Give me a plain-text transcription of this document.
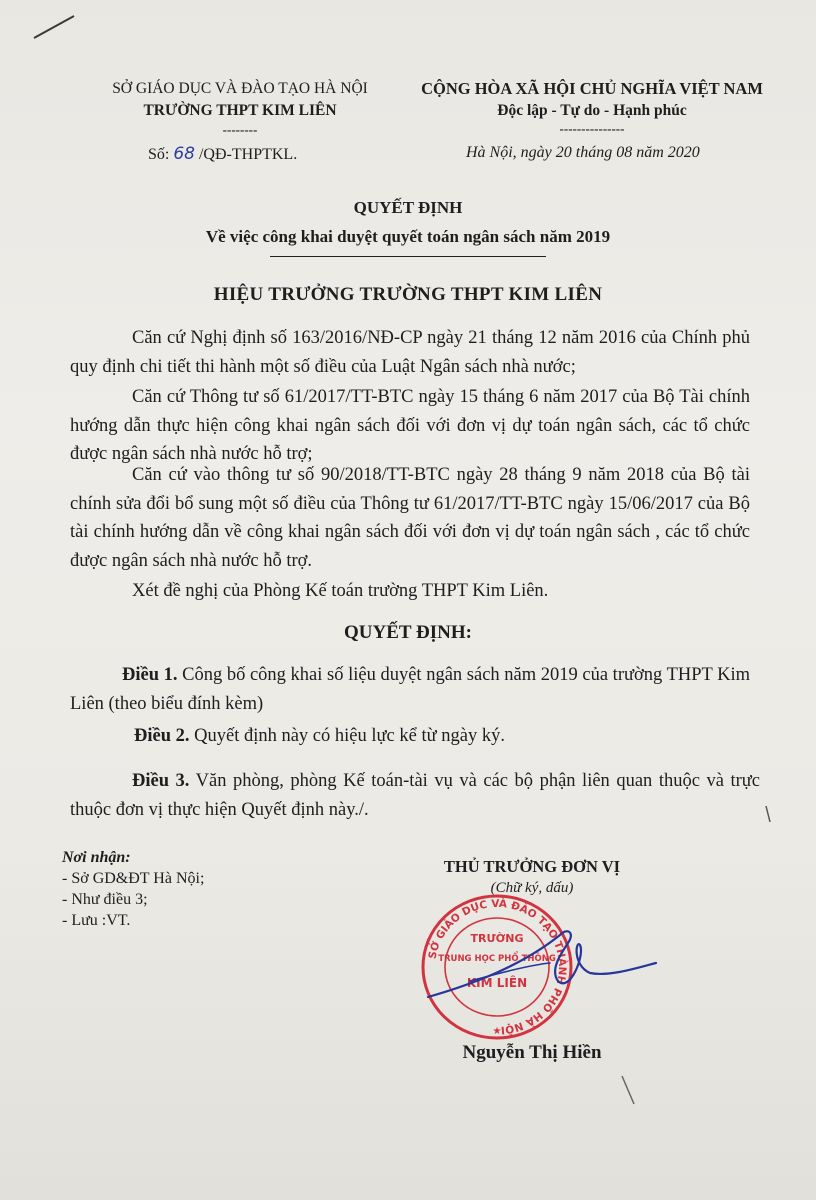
SỞ GIÁO DỤC VÀ ĐÀO TẠO HÀ NỘI
TRƯỜNG THPT KIM LIÊN
--------
CỘNG HÒA XÃ HỘI CHỦ NGHĨA VIỆT NAM
Độc lập - Tự do - Hạnh phúc
---------------
Số: 68 /QĐ-THPTKL.	Hà Nội, ngày 20 tháng 08 năm 2020
QUYẾT ĐỊNH
Về việc công khai duyệt quyết toán ngân sách năm 2019
HIỆU TRƯỞNG TRƯỜNG THPT KIM LIÊN
Căn cứ Nghị định số 163/2016/NĐ-CP ngày 21 tháng 12 năm 2016 của Chính phủ quy định chi tiết thi hành một số điều của Luật Ngân sách nhà nước;
Căn cứ Thông tư số 61/2017/TT-BTC ngày 15 tháng 6 năm 2017 của Bộ Tài chính hướng dẫn thực hiện công khai ngân sách đối với đơn vị dự toán ngân sách, các tổ chức được ngân sách nhà nước hỗ trợ;
Căn cứ vào thông tư số 90/2018/TT-BTC ngày 28 tháng 9 năm 2018 của Bộ tài chính sửa đổi bổ sung một số điều của Thông tư 61/2017/TT-BTC ngày 15/06/2017 của Bộ tài chính hướng dẫn về công khai ngân sách đối với đơn vị dự toán ngân sách , các tổ chức được ngân sách nhà nước hỗ trợ.
Xét đề nghị của Phòng Kế toán trường THPT Kim Liên.
QUYẾT ĐỊNH:
Điều 1. Công bố công khai số liệu duyệt ngân sách năm 2019 của trường THPT Kim Liên (theo biểu đính kèm)
Điều 2. Quyết định này có hiệu lực kể từ ngày ký.
Điều 3. Văn phòng, phòng Kế toán-tài vụ và các bộ phận liên quan thuộc và trực thuộc đơn vị thực hiện Quyết định này./.
Nơi nhận:
- Sở GD&ĐT Hà Nội;
- Như điều 3;
- Lưu :VT.
THỦ TRƯỞNG ĐƠN VỊ
(Chữ ký, dấu)
SỞ GIÁO DỤC VÀ ĐÀO TẠO THÀNH PHỐ HÀ NỘI
★
TRƯỜNG
TRUNG HỌC PHỔ THÔNG
KIM LIÊN
Nguyễn Thị Hiền
